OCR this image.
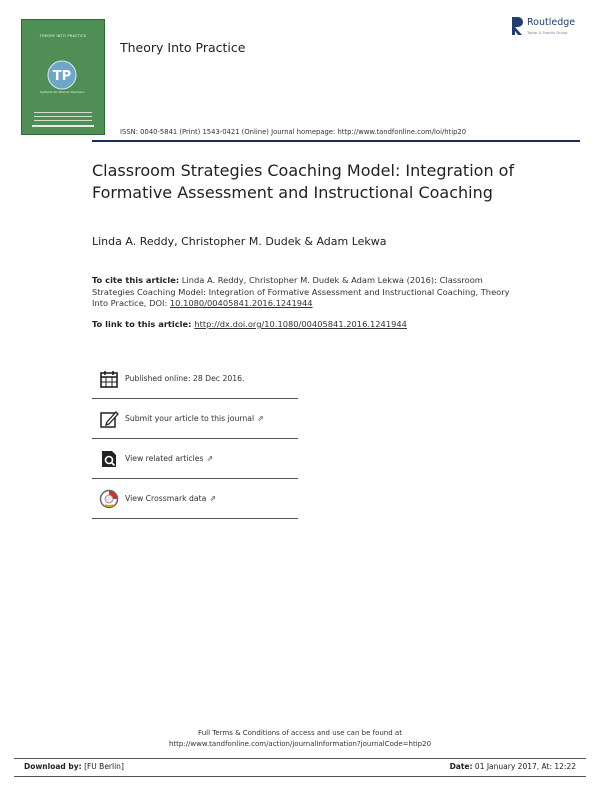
THEORY INTO PRACTICE
TP
Systems for Women Teachers
Theory Into Practice
Routledge
Taylor & Francis Group
ISSN: 0040-5841 (Print) 1543-0421 (Online) Journal homepage: http://www.tandfonline.com/loi/htip20
Classroom Strategies Coaching Model: Integration of Formative Assessment and Instructional Coaching
Linda A. Reddy, Christopher M. Dudek & Adam Lekwa
To cite this article: Linda A. Reddy, Christopher M. Dudek & Adam Lekwa (2016): Classroom Strategies Coaching Model: Integration of Formative Assessment and Instructional Coaching, Theory Into Practice, DOI: 10.1080/00405841.2016.1241944
To link to this article: http://dx.doi.org/10.1080/00405841.2016.1241944
Published online: 28 Dec 2016.
Submit your article to this journal ⇗
View related articles ⇗
View Crossmark data ⇗
Full Terms & Conditions of access and use can be found at
http://www.tandfonline.com/action/journalInformation?journalCode=htip20
Download by: [FU Berlin]	Date: 01 January 2017, At: 12:22
